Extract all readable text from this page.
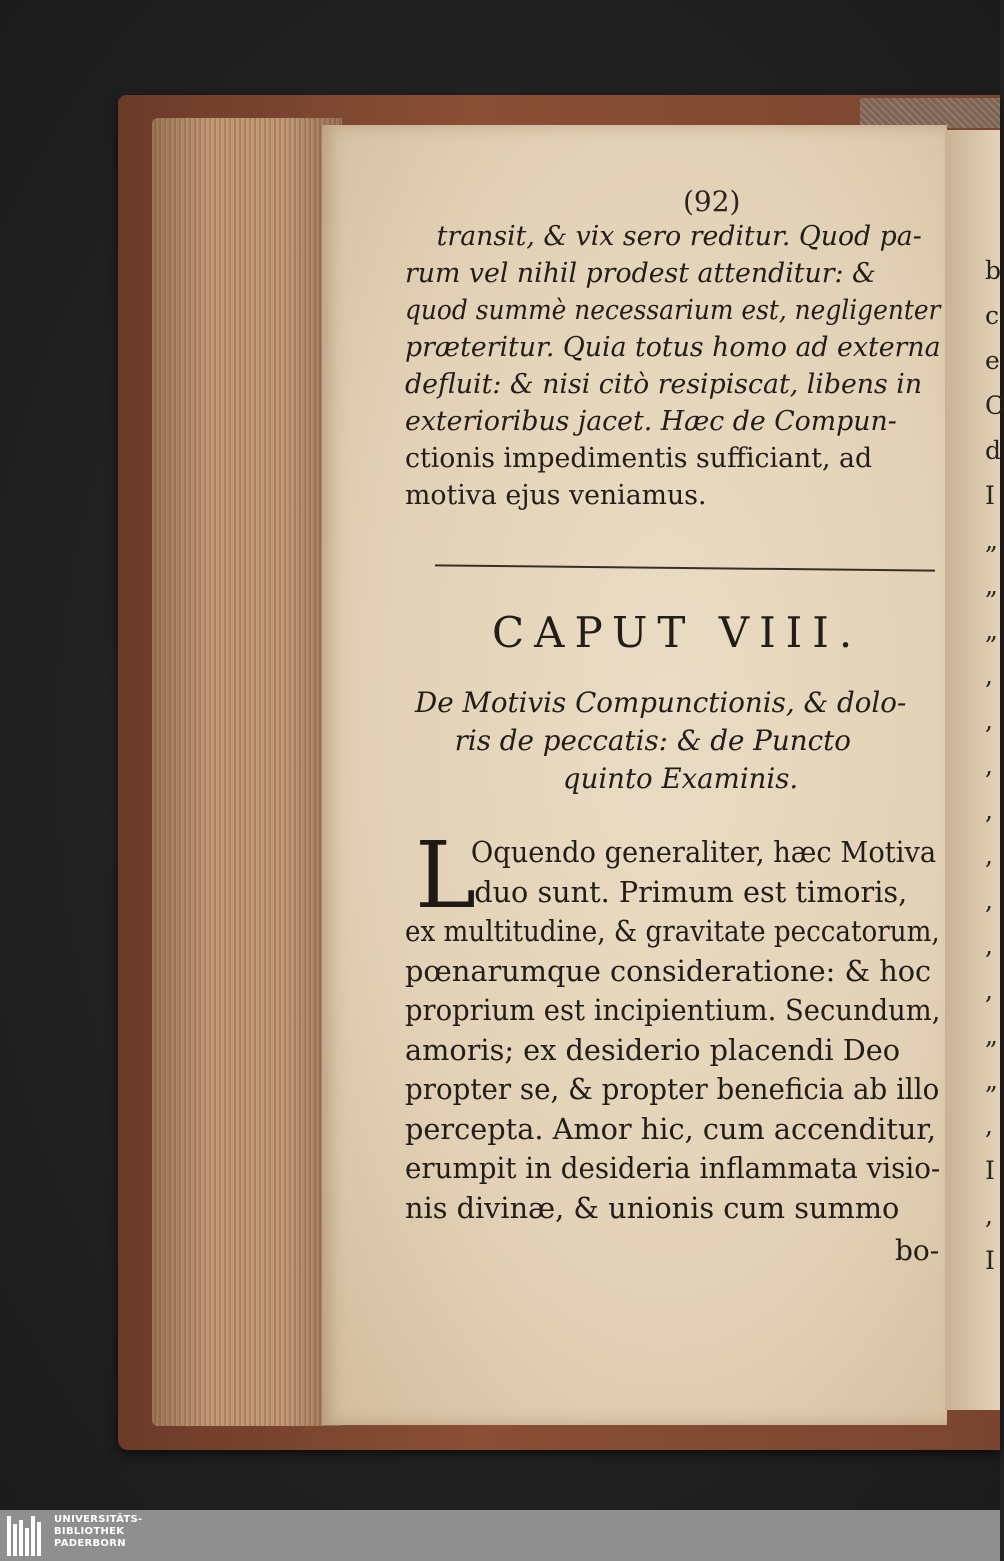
b
c
e
C
d
I
„
„
„
,
,
,
,
,
,
,
,
„
„
,
I
,
I
(92)
transit, & vix sero reditur. Quod pa-
rum vel nihil prodest attenditur: &
quod summè necessarium est, negligenter
præteritur. Quia totus homo ad externa
defluit: & nisi citò resipiscat, libens in
exterioribus jacet. Hæc de Compun-
ctionis impedimentis sufficiant, ad
motiva ejus veniamus.
CAPUT VIII.
De Motivis Compunctionis, & dolo-
ris de peccatis: & de Puncto
quinto Examinis.
L
Oquendo generaliter, hæc Motiva
duo sunt. Primum est timoris,
ex multitudine, & gravitate peccatorum,
pœnarumque consideratione: & hoc
proprium est incipientium. Secundum,
amoris; ex desiderio placendi Deo
propter se, & propter beneficia ab illo
percepta. Amor hic, cum accenditur,
erumpit in desideria inflammata visio-
nis divinæ, & unionis cum summo
bo-
UNIVERSITÄTS-
BIBLIOTHEK
PADERBORN
